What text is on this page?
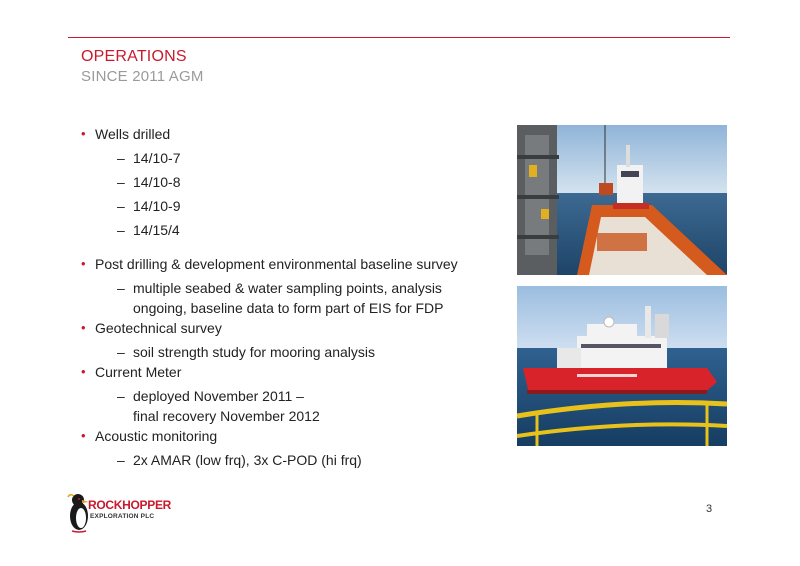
OPERATIONS
SINCE 2011 AGM
• Wells drilled
– 14/10-7
– 14/10-8
– 14/10-9
– 14/15/4
• Post drilling & development environmental baseline survey
– multiple seabed & water sampling points, analysis ongoing, baseline data to form part of EIS for FDP
• Geotechnical survey
– soil strength study for mooring analysis
• Current Meter
– deployed November 2011 – final recovery November 2012
• Acoustic monitoring
– 2x AMAR (low frq), 3x C-POD (hi frq)
ROCKHOPPER
EXPLORATION PLC
3
